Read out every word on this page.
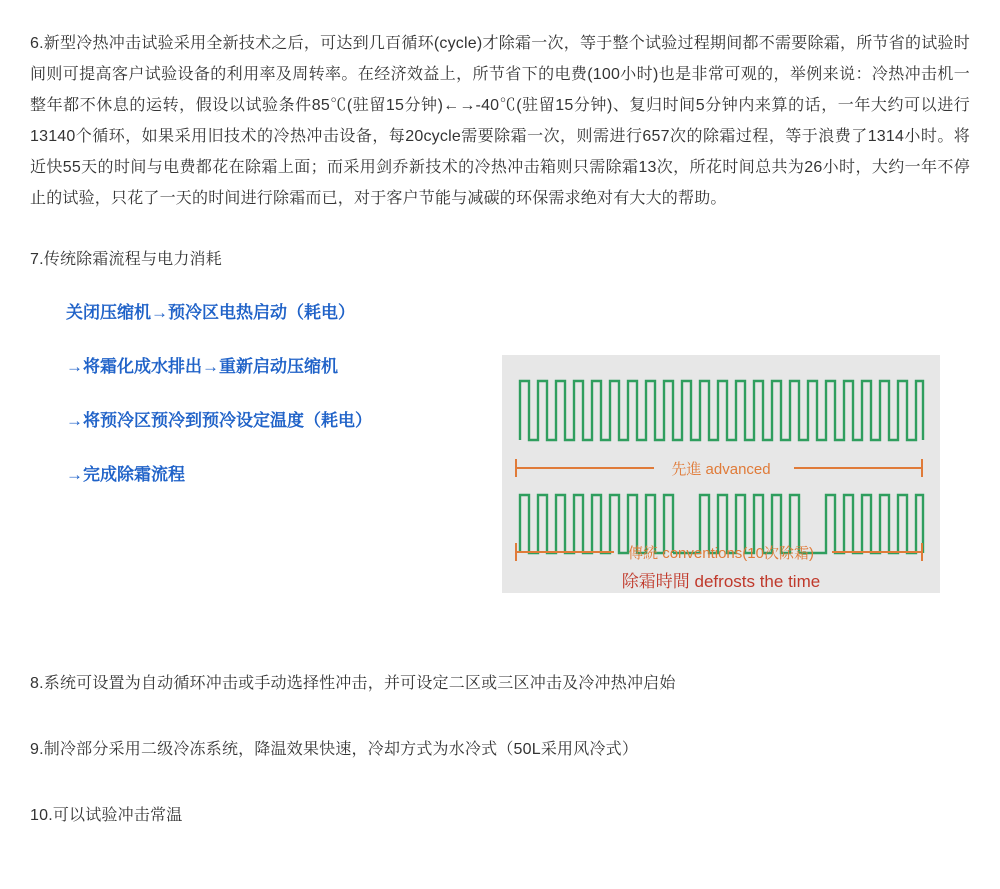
6.新型冷热冲击试验采用全新技术之后，可达到几百循环(cycle)才除霜一次，等于整个试验过程期间都不需要除霜，所节省的试验时间则可提高客户试验设备的利用率及周转率。在经济效益上，所节省下的电费(100小时)也是非常可观的，举例来说：冷热冲击机一整年都不休息的运转，假设以试验条件85℃(驻留15分钟)←→-40℃(驻留15分钟)、复归时间5分钟内来算的话，一年大约可以进行13140个循环，如果采用旧技术的冷热冲击设备，每20cycle需要除霜一次，则需进行657次的除霜过程，等于浪费了1314小时。将近快55天的时间与电费都花在除霜上面；而采用剑乔新技术的冷热冲击箱则只需除霜13次，所花时间总共为26小时，大约一年不停止的试验，只花了一天的时间进行除霜而已，对于客户节能与减碳的环保需求绝对有大大的帮助。

7.传统除霜流程与电力消耗

关闭压缩机→预冷区电热启动（耗电）
→将霜化成水排出→重新启动压缩机
→将预冷区预冷到预冷设定温度（耗电）
→完成除霜流程	先進 advanced
傳統 conventions(10次除霜)
除霜時間 defrosts the time

8.系统可设置为自动循环冲击或手动选择性冲击，并可设定二区或三区冲击及冷冲热冲启始

9.制冷部分采用二级冷冻系统，降温效果快速，冷却方式为水冷式（50L采用风冷式）

10.可以试验冲击常温
